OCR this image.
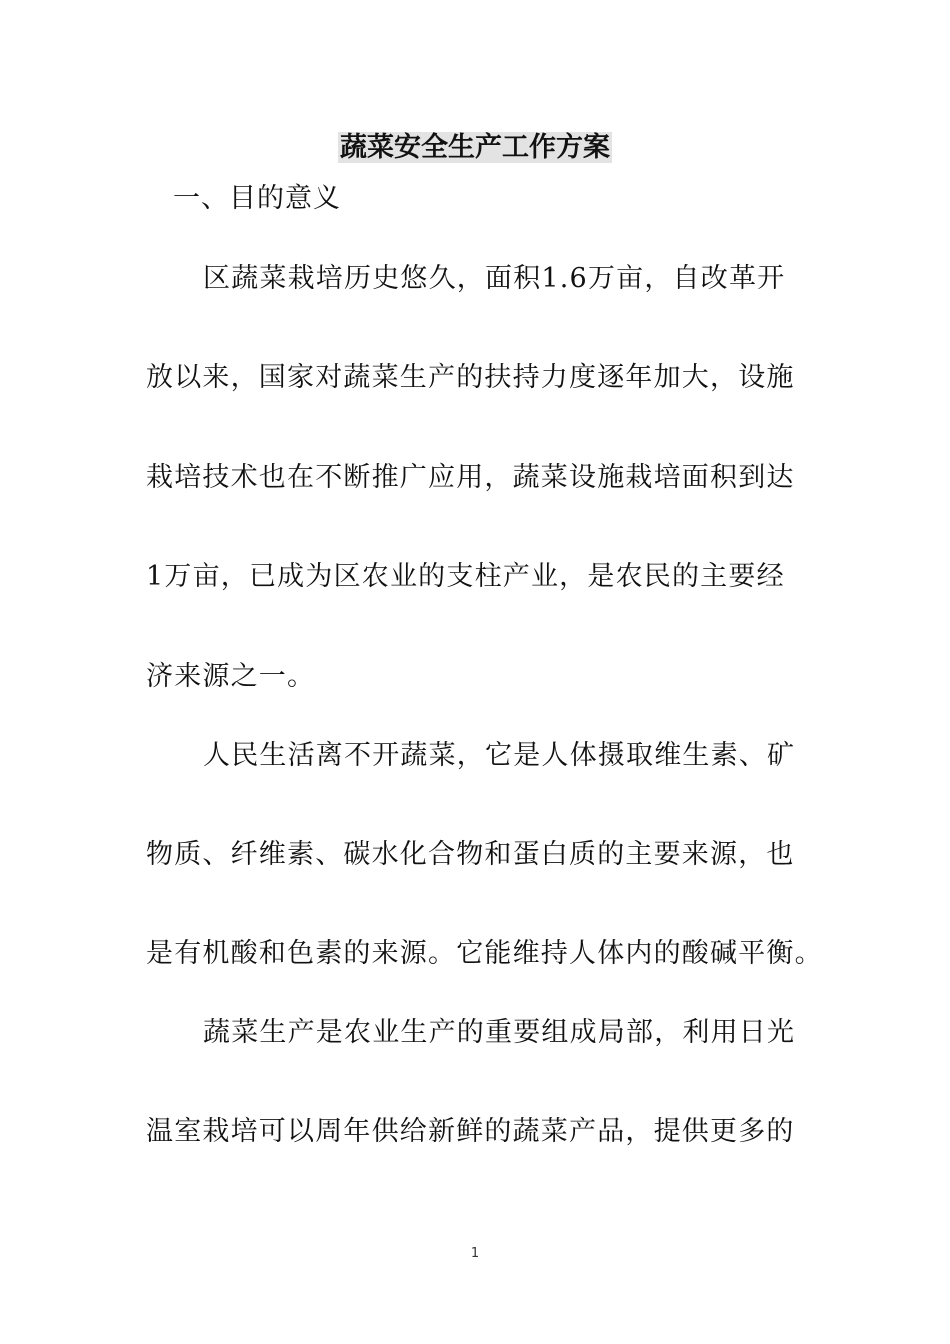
蔬菜安全生产工作方案
一、目的意义
区蔬菜栽培历史悠久，面积1.6万亩，自改革开
放以来，国家对蔬菜生产的扶持力度逐年加大，设施
栽培技术也在不断推广应用，蔬菜设施栽培面积到达
1万亩，已成为区农业的支柱产业，是农民的主要经
济来源之一。
人民生活离不开蔬菜，它是人体摄取维生素、矿
物质、纤维素、碳水化合物和蛋白质的主要来源，也
是有机酸和色素的来源。它能维持人体内的酸碱平衡。
蔬菜生产是农业生产的重要组成局部，利用日光
温室栽培可以周年供给新鲜的蔬菜产品，提供更多的
1
